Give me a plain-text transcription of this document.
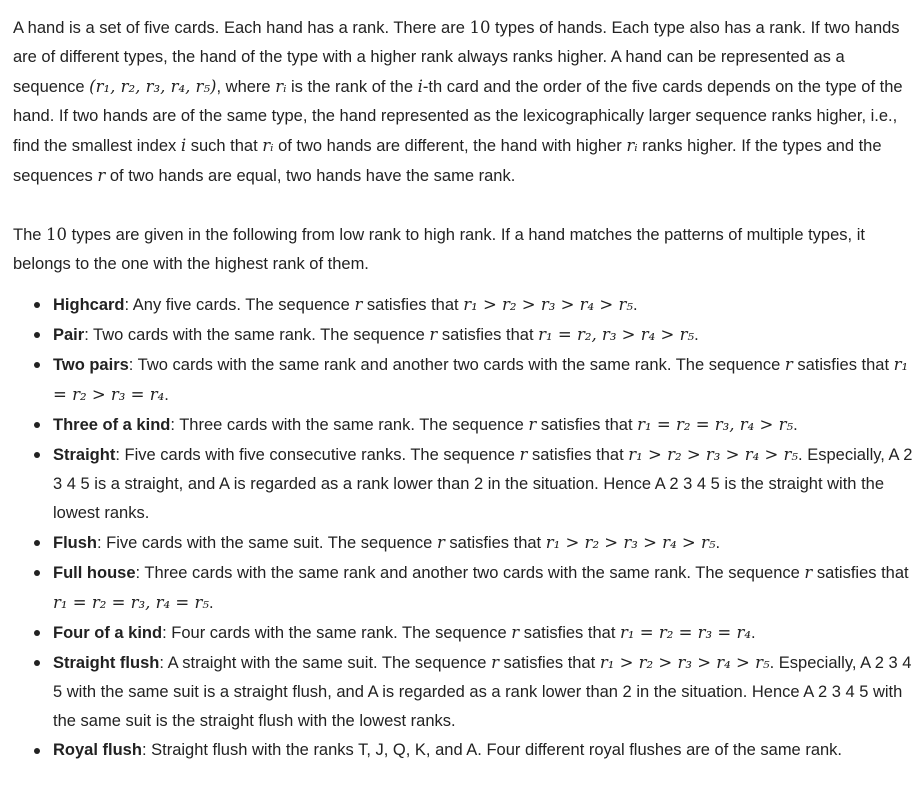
A hand is a set of five cards. Each hand has a rank. There are 10 types of hands. Each type also has a rank. If two hands are of different types, the hand of the type with a higher rank always ranks higher. A hand can be represented as a sequence (r₁, r₂, r₃, r₄, r₅), where rᵢ is the rank of the i-th card and the order of the five cards depends on the type of the hand. If two hands are of the same type, the hand represented as the lexicographically larger sequence ranks higher, i.e., find the smallest index i such that rᵢ of two hands are different, the hand with higher rᵢ ranks higher. If the types and the sequences r of two hands are equal, two hands have the same rank.

The 10 types are given in the following from low rank to high rank. If a hand matches the patterns of multiple types, it belongs to the one with the highest rank of them.

Highcard: Any five cards. The sequence r satisfies that r₁ > r₂ > r₃ > r₄ > r₅.
Pair: Two cards with the same rank. The sequence r satisfies that r₁ = r₂, r₃ > r₄ > r₅.
Two pairs: Two cards with the same rank and another two cards with the same rank. The sequence r satisfies that r₁ = r₂ > r₃ = r₄.
Three of a kind: Three cards with the same rank. The sequence r satisfies that r₁ = r₂ = r₃, r₄ > r₅.
Straight: Five cards with five consecutive ranks. The sequence r satisfies that r₁ > r₂ > r₃ > r₄ > r₅. Especially, A 2 3 4 5 is a straight, and A is regarded as a rank lower than 2 in the situation. Hence A 2 3 4 5 is the straight with the lowest ranks.
Flush: Five cards with the same suit. The sequence r satisfies that r₁ > r₂ > r₃ > r₄ > r₅.
Full house: Three cards with the same rank and another two cards with the same rank. The sequence r satisfies that r₁ = r₂ = r₃, r₄ = r₅.
Four of a kind: Four cards with the same rank. The sequence r satisfies that r₁ = r₂ = r₃ = r₄.
Straight flush: A straight with the same suit. The sequence r satisfies that r₁ > r₂ > r₃ > r₄ > r₅. Especially, A 2 3 4 5 with the same suit is a straight flush, and A is regarded as a rank lower than 2 in the situation. Hence A 2 3 4 5 with the same suit is the straight flush with the lowest ranks.
Royal flush: Straight flush with the ranks T, J, Q, K, and A. Four different royal flushes are of the same rank.
